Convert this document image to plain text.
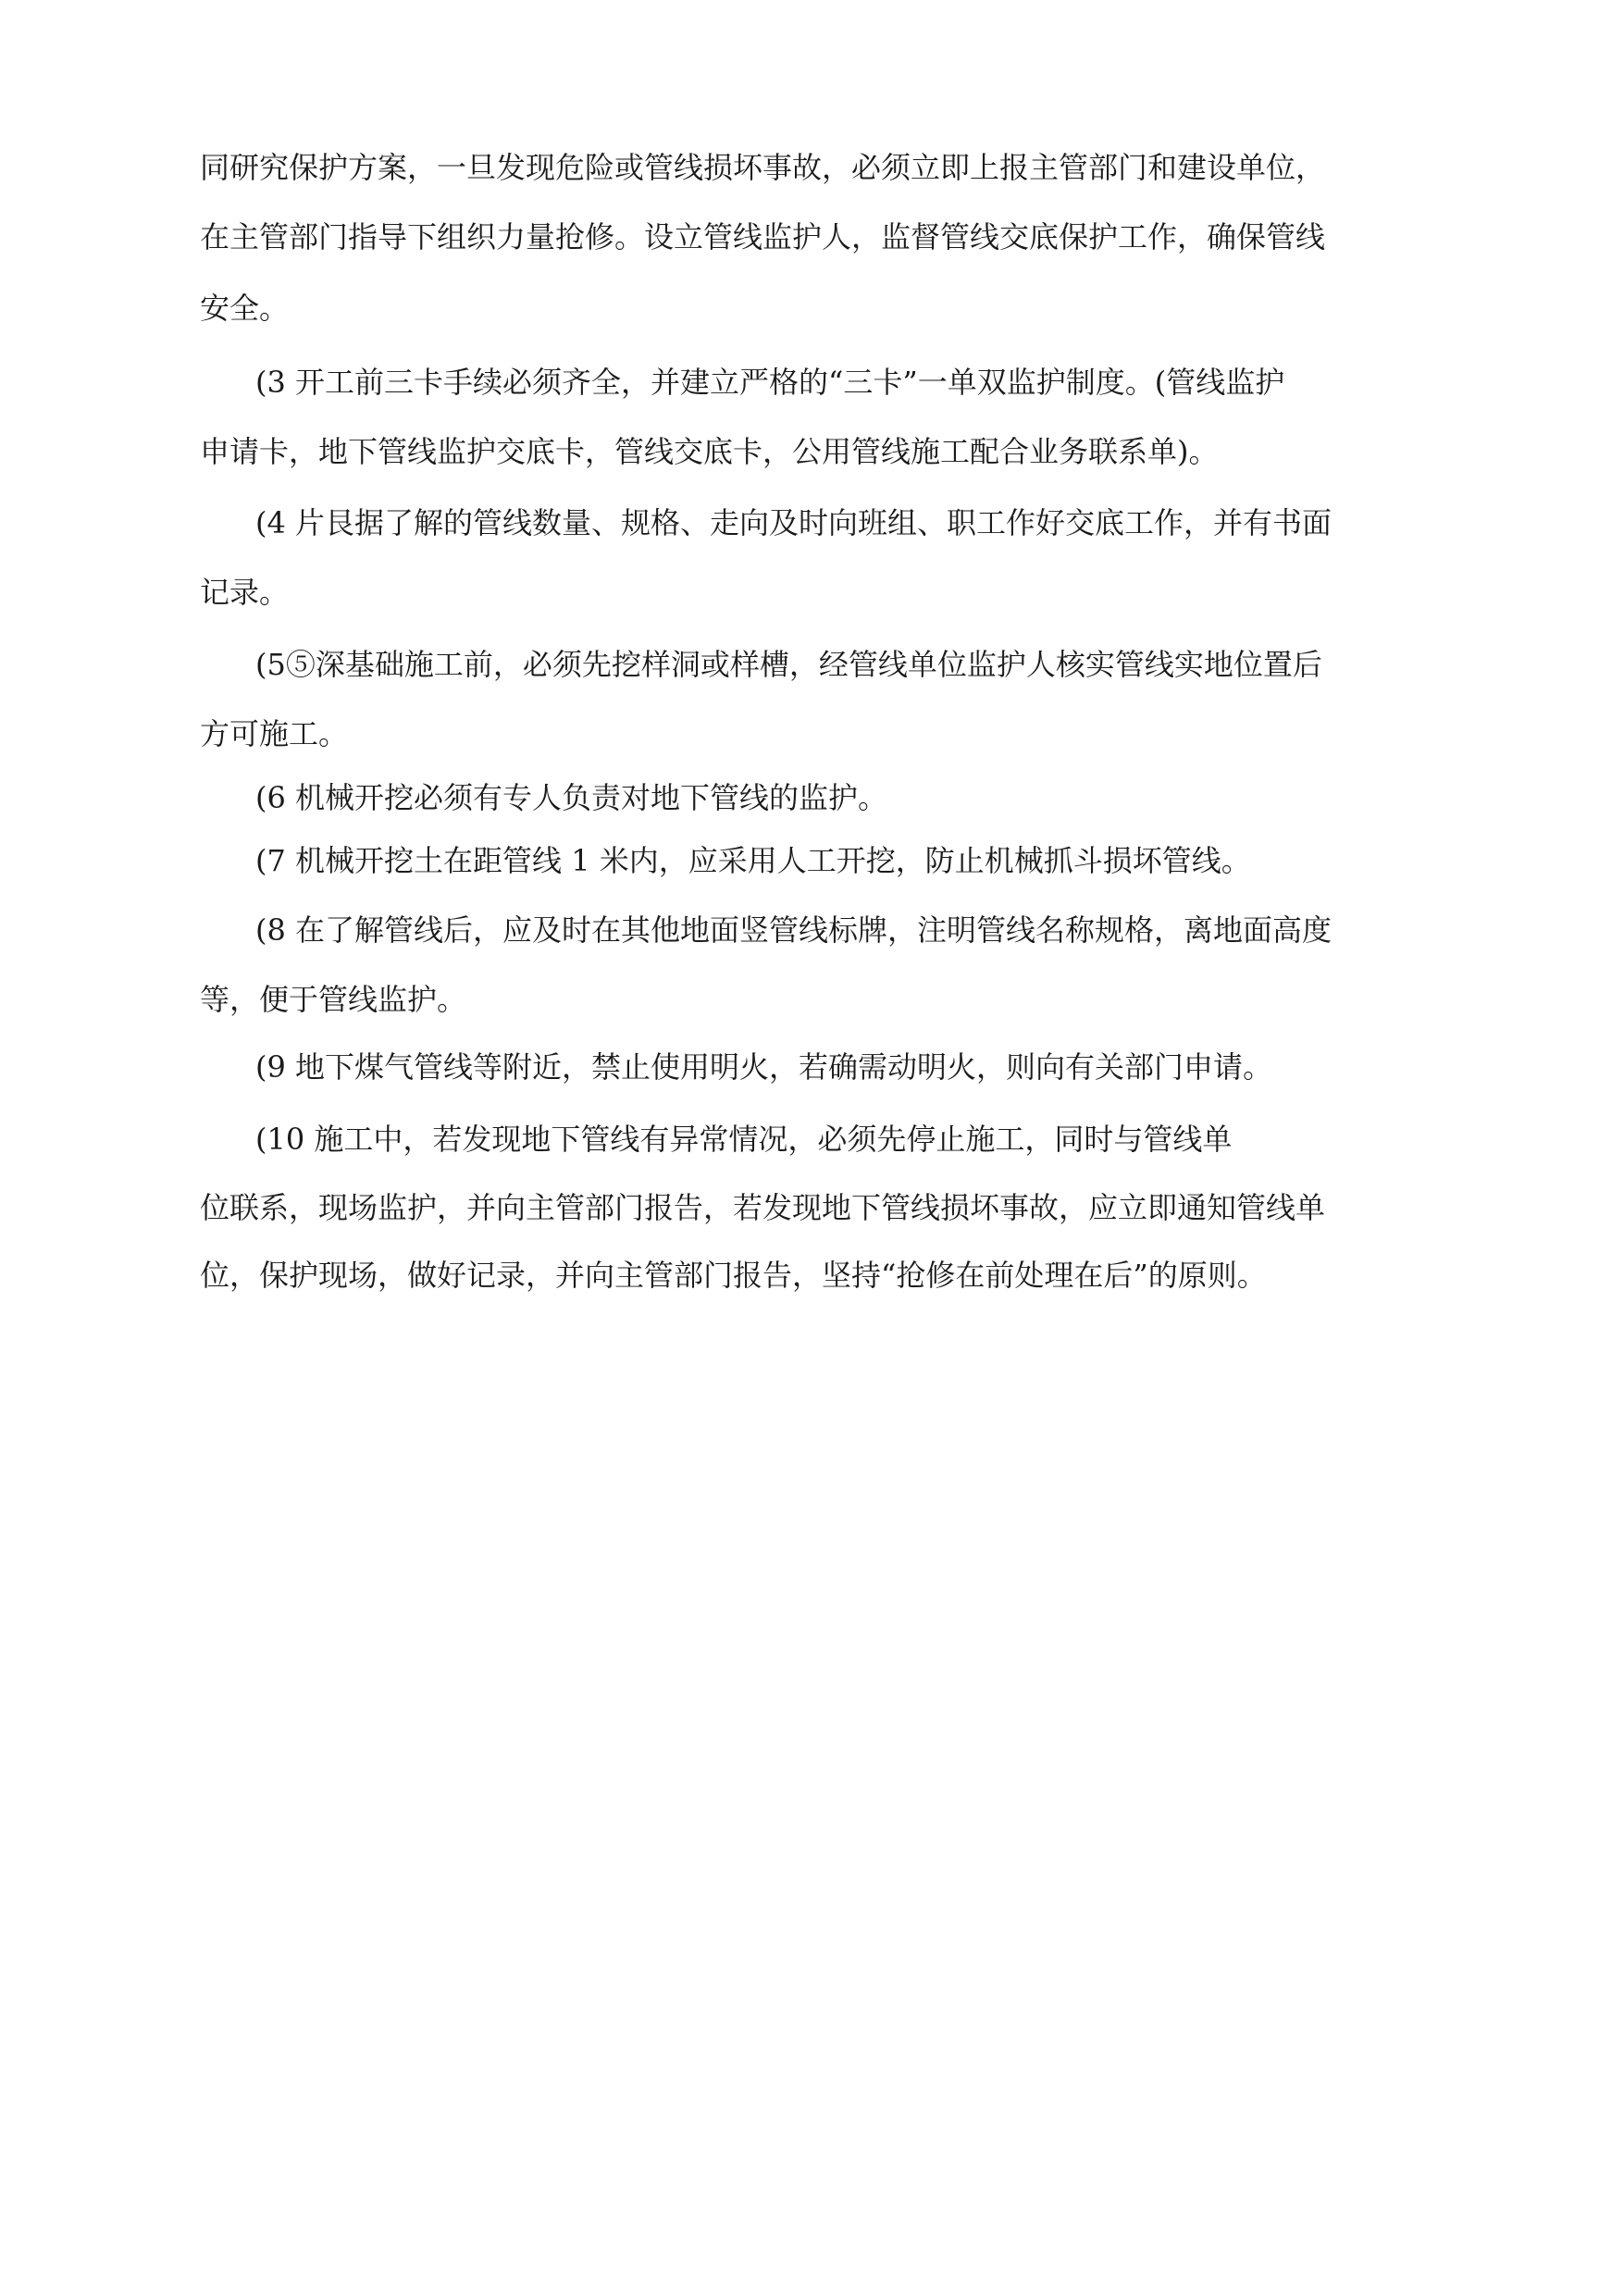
同研究保护方案，一旦发现危险或管线损坏事故，必须立即上报主管部门和建设单位，
在主管部门指导下组织力量抢修。设立管线监护人，监督管线交底保护工作，确保管线
安全。
(3 开工前三卡手续必须齐全，并建立严格的“三卡”一单双监护制度。(管线监护
申请卡，地下管线监护交底卡，管线交底卡，公用管线施工配合业务联系单)。
(4 片艮据了解的管线数量、规格、走向及时向班组、职工作好交底工作，并有书面
记录。
(5⑤深基础施工前，必须先挖样洞或样槽，经管线单位监护人核实管线实地位置后
方可施工。
(6 机械开挖必须有专人负责对地下管线的监护。
(7 机械开挖土在距管线 1 米内，应采用人工开挖，防止机械抓斗损坏管线。
(8 在了解管线后，应及时在其他地面竖管线标牌，注明管线名称规格，离地面高度
等，便于管线监护。
(9 地下煤气管线等附近，禁止使用明火，若确需动明火，则向有关部门申请。
(10 施工中，若发现地下管线有异常情况，必须先停止施工，同时与管线单
位联系，现场监护，并向主管部门报告，若发现地下管线损坏事故，应立即通知管线单
位，保护现场，做好记录，并向主管部门报告，坚持“抢修在前处理在后”的原则。
